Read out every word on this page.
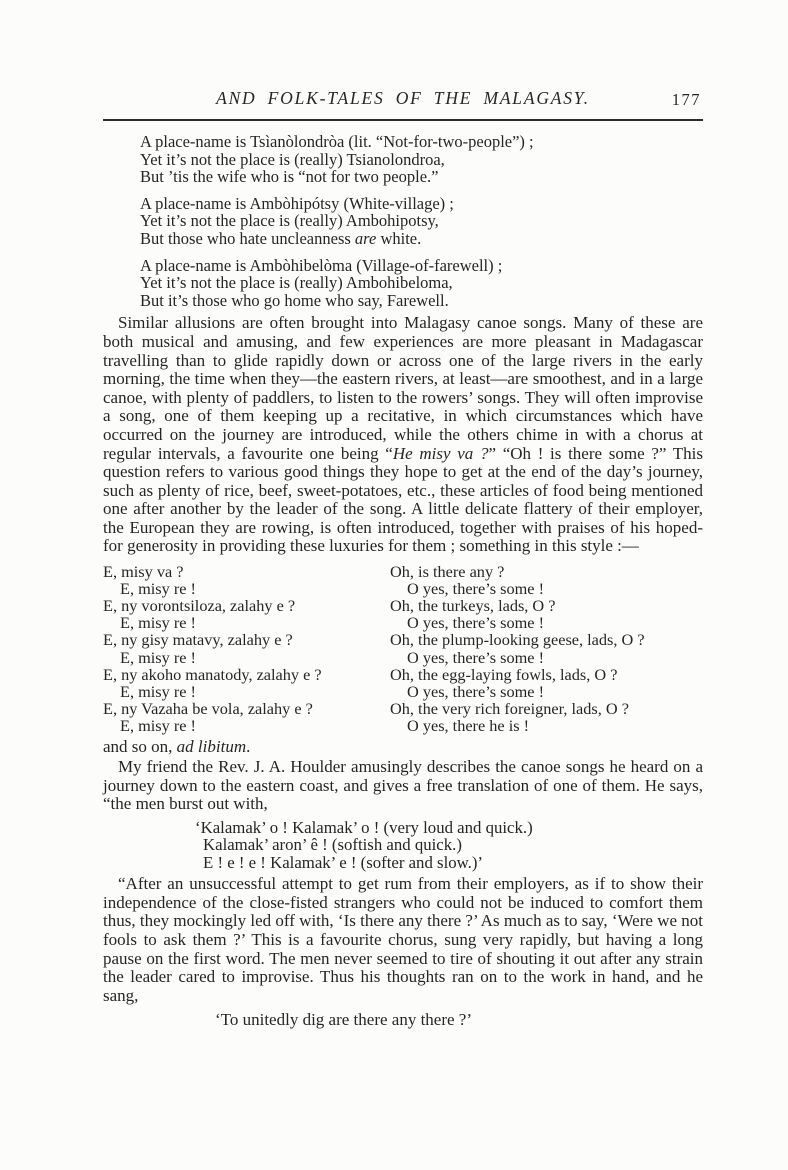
AND FOLK-TALES OF THE MALAGASY.	177
A place-name is Tsìanòlondròa (lit. “Not-for-two-people”) ;
Yet it’s not the place is (really) Tsianolondroa,
But ’tis the wife who is “not for two people.”
A place-name is Ambòhipótsy (White-village) ;
Yet it’s not the place is (really) Ambohipotsy,
But those who hate uncleanness are white.
A place-name is Ambòhibelòma (Village-of-farewell) ;
Yet it’s not the place is (really) Ambohibeloma,
But it’s those who go home who say, Farewell.

Similar allusions are often brought into Malagasy canoe songs. Many of these are both musical and amusing, and few experiences are more pleasant in Madagascar travelling than to glide rapidly down or across one of the large rivers in the early morning, the time when they—the eastern rivers, at least—are smoothest, and in a large canoe, with plenty of paddlers, to listen to the rowers’ songs. They will often improvise a song, one of them keeping up a recitative, in which circumstances which have occurred on the journey are introduced, while the others chime in with a chorus at regular intervals, a favourite one being “He misy va ?” “Oh ! is there some ?” This question refers to various good things they hope to get at the end of the day’s journey, such as plenty of rice, beef, sweet-potatoes, etc., these articles of food being mentioned one after another by the leader of the song. A little delicate flattery of their employer, the European they are rowing, is often introduced, together with praises of his hoped-for generosity in providing these luxuries for them ; something in this style :—

E, misy va ?
E, misy re !
E, ny vorontsiloza, zalahy e ?
E, misy re !
E, ny gisy matavy, zalahy e ?
E, misy re !
E, ny akoho manatody, zalahy e ?
E, misy re !
E, ny Vazaha be vola, zalahy e ?
E, misy re !
Oh, is there any ?
O yes, there’s some !
Oh, the turkeys, lads, O ?
O yes, there’s some !
Oh, the plump-looking geese, lads, O ?
O yes, there’s some !
Oh, the egg-laying fowls, lads, O ?
O yes, there’s some !
Oh, the very rich foreigner, lads, O ?
O yes, there he is !
and so on, ad libitum.

My friend the Rev. J. A. Houlder amusingly describes the canoe songs he heard on a journey down to the eastern coast, and gives a free translation of one of them. He says, “the men burst out with,

‘Kalamak’ o ! Kalamak’ o ! (very loud and quick.)
Kalamak’ aron’ ê ! (softish and quick.)
E ! e ! e ! Kalamak’ e ! (softer and slow.)’

“After an unsuccessful attempt to get rum from their employers, as if to show their independence of the close-fisted strangers who could not be induced to comfort them thus, they mockingly led off with, ‘Is there any there ?’ As much as to say, ‘Were we not fools to ask them ?’ This is a favourite chorus, sung very rapidly, but having a long pause on the first word. The men never seemed to tire of shouting it out after any strain the leader cared to improvise. Thus his thoughts ran on to the work in hand, and he sang,

‘To unitedly dig are there any there ?’
